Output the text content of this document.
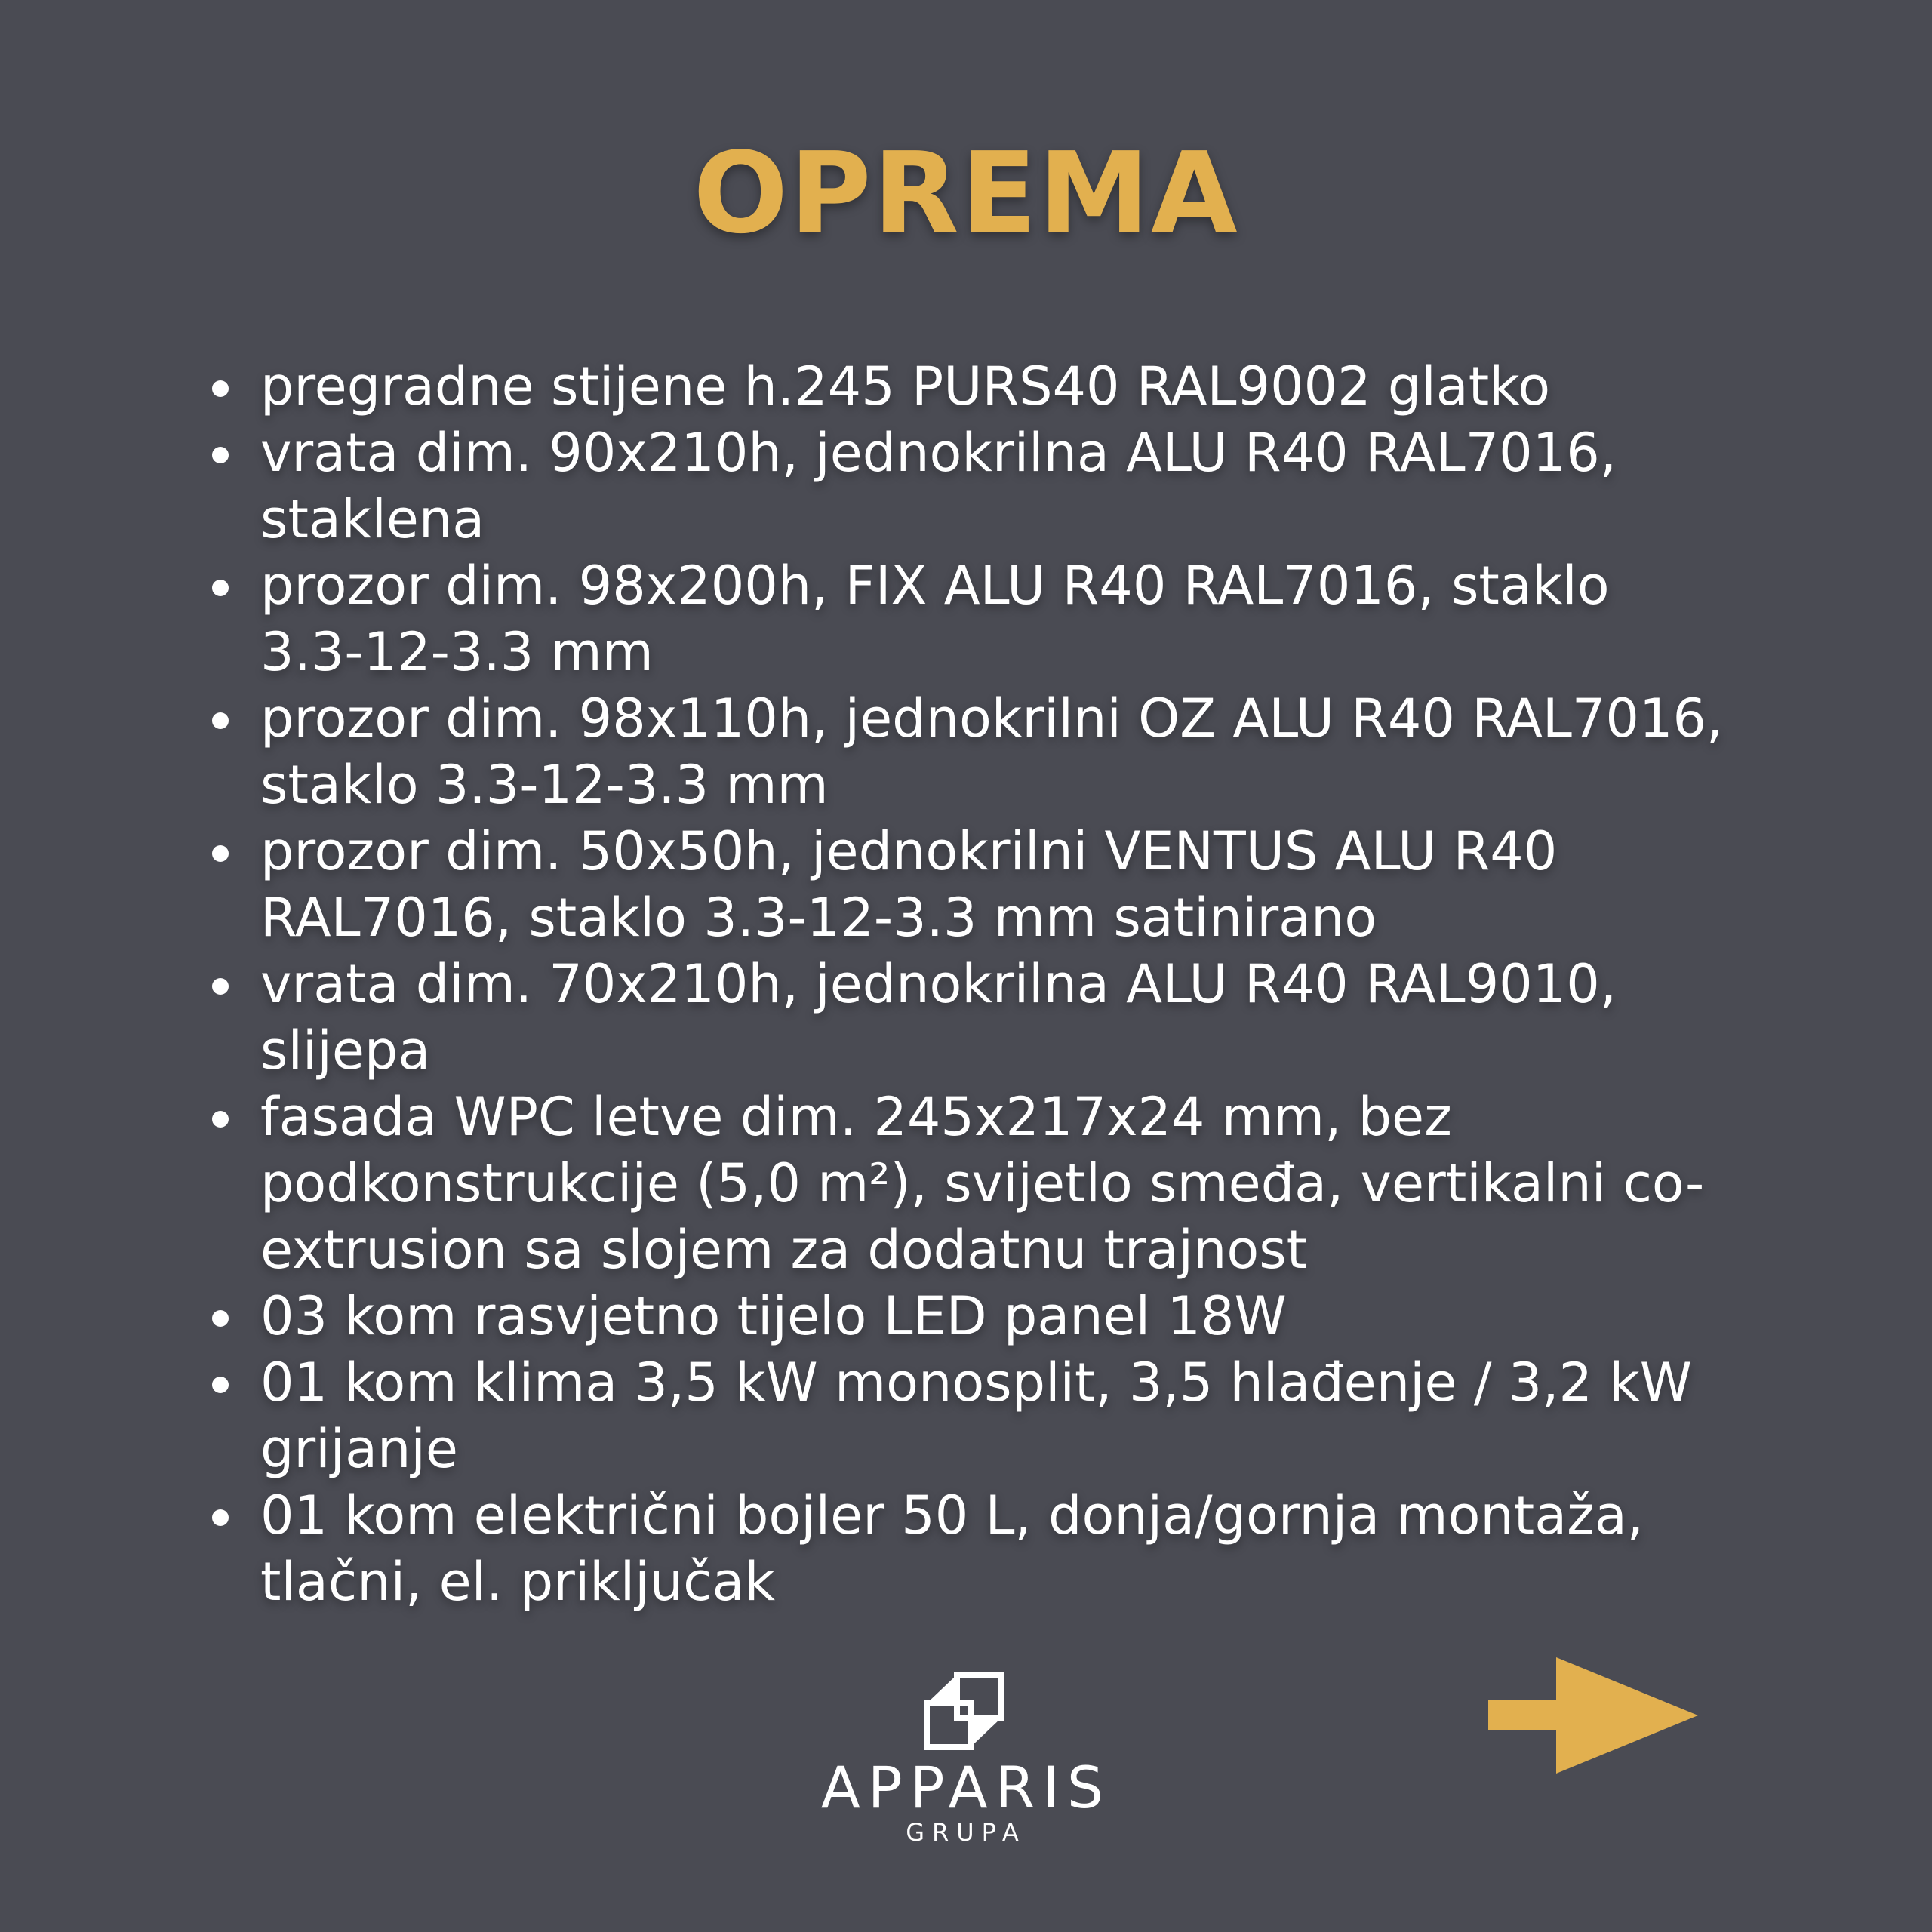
OPREMA
pregradne stijene h.245 PURS40 RAL9002 glatko
vrata dim. 90x210h, jednokrilna ALU R40 RAL7016,
staklena
prozor dim. 98x200h, FIX ALU R40 RAL7016, staklo
3.3-12-3.3 mm
prozor dim. 98x110h, jednokrilni OZ ALU R40 RAL7016,
staklo 3.3-12-3.3 mm
prozor dim. 50x50h, jednokrilni VENTUS ALU R40
RAL7016, staklo 3.3-12-3.3 mm satinirano
vrata dim. 70x210h, jednokrilna ALU R40 RAL9010,
slijepa
fasada WPC letve dim. 245x217x24 mm, bez
podkonstrukcije (5,0 m²), svijetlo smeđa, vertikalni co-
extrusion sa slojem za dodatnu trajnost
03 kom rasvjetno tijelo LED panel 18W
01 kom klima 3,5 kW monosplit, 3,5 hlađenje / 3,2 kW
grijanje
01 kom električni bojler 50 L, donja/gornja montaža,
tlačni, el. priključak
APPARIS
GRUPA
